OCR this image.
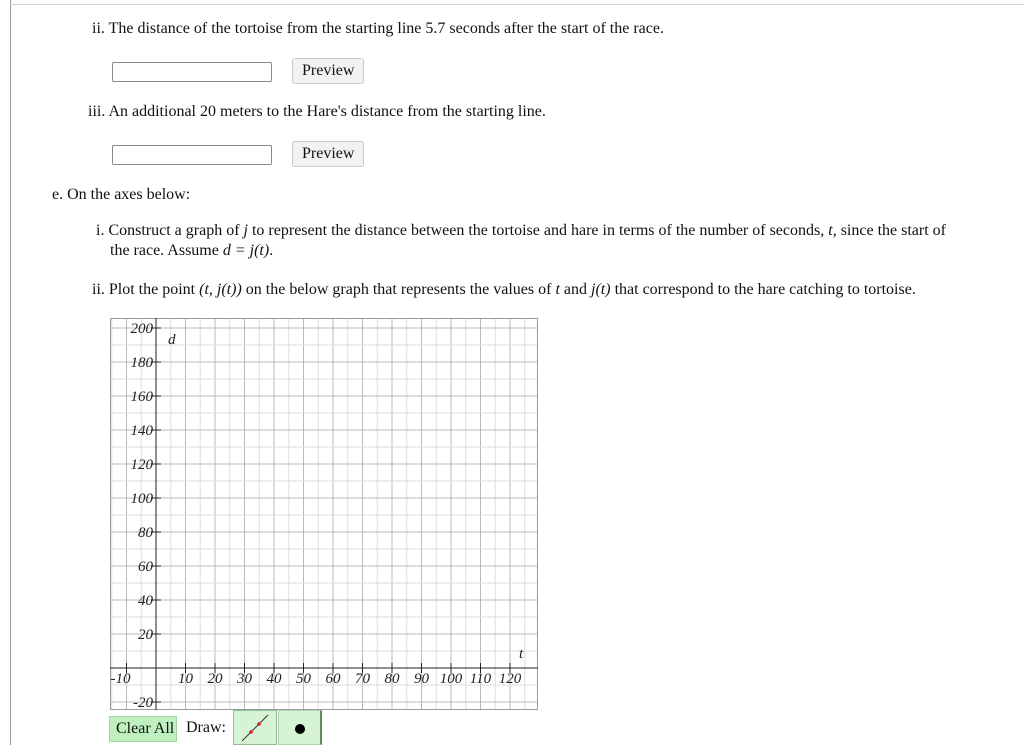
ii. The distance of the tortoise from the starting line 5.7 seconds after the start of the race.
Preview
iii. An additional 20 meters to the Hare's distance from the starting line.
Preview
e. On the axes below:
i. Construct a graph of j to represent the distance between the tortoise and hare in terms of the number of seconds, t, since the start of
the race. Assume d = j(t).
ii. Plot the point (t, j(t)) on the below graph that represents the values of t and j(t) that correspond to the hare catching to tortoise.
-10	10 20 30 40 50 60 70 80 90 100 110 120
200
180
160
140
120
100
80
60
40
20
-20
d
t
Clear All Draw:
